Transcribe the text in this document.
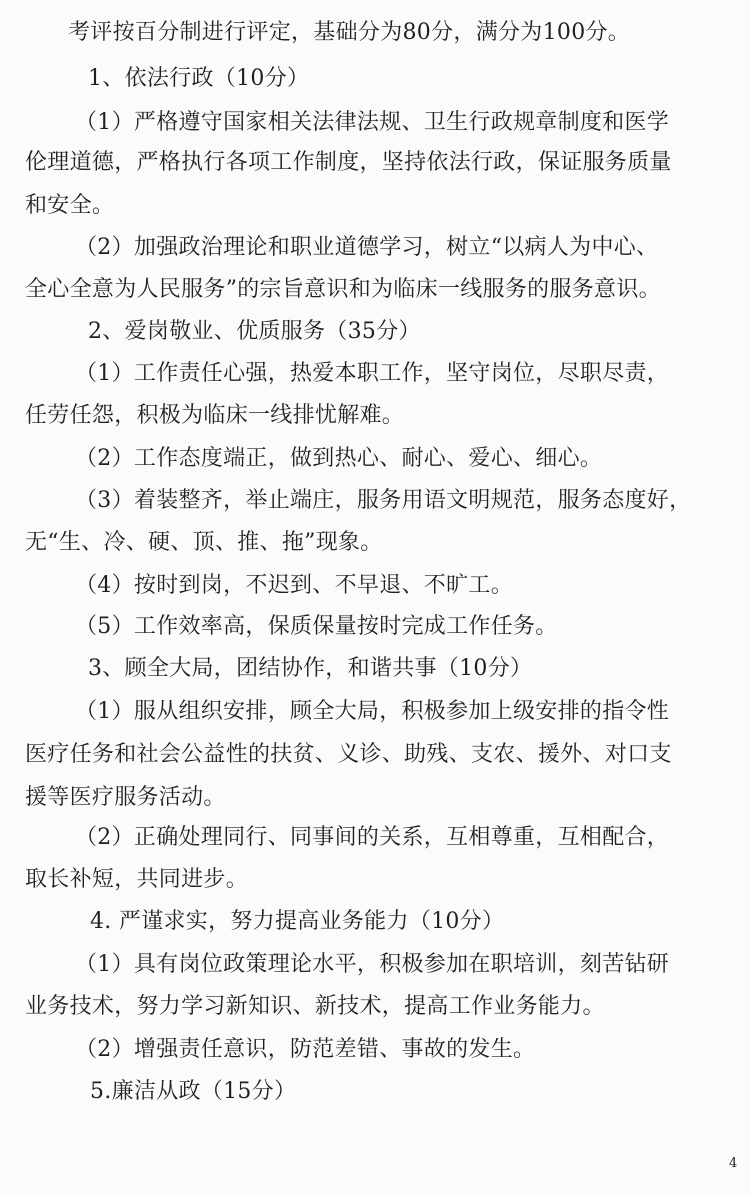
考评按百分制进行评定，基础分为80分，满分为100分。
1、依法行政（10分）
（1）严格遵守国家相关法律法规、卫生行政规章制度和医学
伦理道德，严格执行各项工作制度，坚持依法行政，保证服务质量
和安全。
（2）加强政治理论和职业道德学习，树立“以病人为中心、
全心全意为人民服务”的宗旨意识和为临床一线服务的服务意识。
2、爱岗敬业、优质服务（35分）
（1）工作责任心强，热爱本职工作，坚守岗位，尽职尽责，
任劳任怨，积极为临床一线排忧解难。
（2）工作态度端正，做到热心、耐心、爱心、细心。
（3）着装整齐，举止端庄，服务用语文明规范，服务态度好，
无“生、冷、硬、顶、推、拖”现象。
（4）按时到岗，不迟到、不早退、不旷工。
（5）工作效率高，保质保量按时完成工作任务。
3、顾全大局，团结协作，和谐共事（10分）
（1）服从组织安排，顾全大局，积极参加上级安排的指令性
医疗任务和社会公益性的扶贫、义诊、助残、支农、援外、对口支
援等医疗服务活动。
（2）正确处理同行、同事间的关系，互相尊重，互相配合，
取长补短，共同进步。
4. 严谨求实，努力提高业务能力（10分）
（1）具有岗位政策理论水平，积极参加在职培训，刻苦钻研
业务技术，努力学习新知识、新技术，提高工作业务能力。
（2）增强责任意识，防范差错、事故的发生。
5.廉洁从政（15分）
4
